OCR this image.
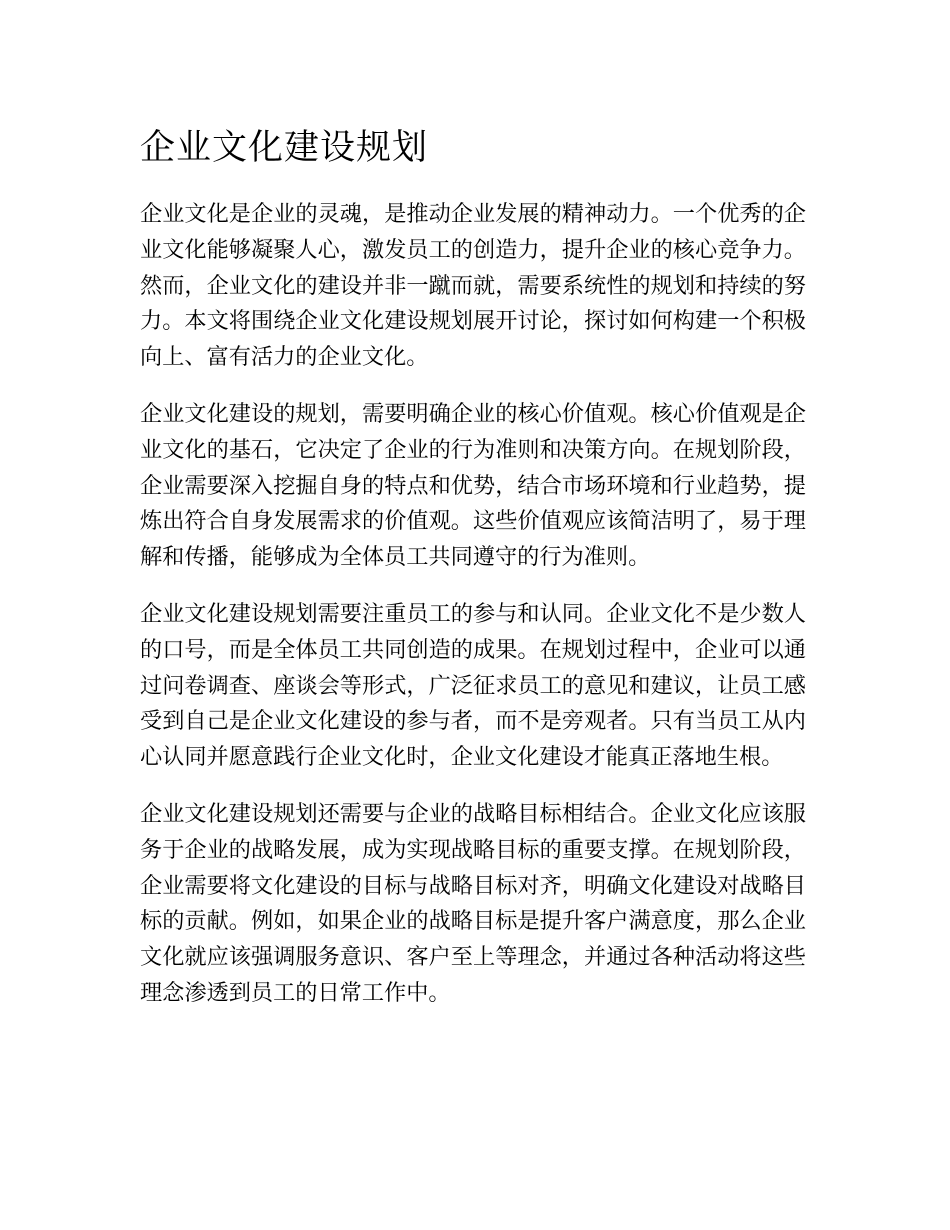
企业文化建设规划

企业文化是企业的灵魂，是推动企业发展的精神动力。一个优秀的企业文化能够凝聚人心，激发员工的创造力，提升企业的核心竞争力。然而，企业文化的建设并非一蹴而就，需要系统性的规划和持续的努力。本文将围绕企业文化建设规划展开讨论，探讨如何构建一个积极向上、富有活力的企业文化。

企业文化建设的规划，需要明确企业的核心价值观。核心价值观是企业文化的基石，它决定了企业的行为准则和决策方向。在规划阶段，企业需要深入挖掘自身的特点和优势，结合市场环境和行业趋势，提炼出符合自身发展需求的价值观。这些价值观应该简洁明了，易于理解和传播，能够成为全体员工共同遵守的行为准则。

企业文化建设规划需要注重员工的参与和认同。企业文化不是少数人的口号，而是全体员工共同创造的成果。在规划过程中，企业可以通过问卷调查、座谈会等形式，广泛征求员工的意见和建议，让员工感受到自己是企业文化建设的参与者，而不是旁观者。只有当员工从内心认同并愿意践行企业文化时，企业文化建设才能真正落地生根。

企业文化建设规划还需要与企业的战略目标相结合。企业文化应该服务于企业的战略发展，成为实现战略目标的重要支撑。在规划阶段，企业需要将文化建设的目标与战略目标对齐，明确文化建设对战略目标的贡献。例如，如果企业的战略目标是提升客户满意度，那么企业文化就应该强调服务意识、客户至上等理念，并通过各种活动将这些理念渗透到员工的日常工作中。
